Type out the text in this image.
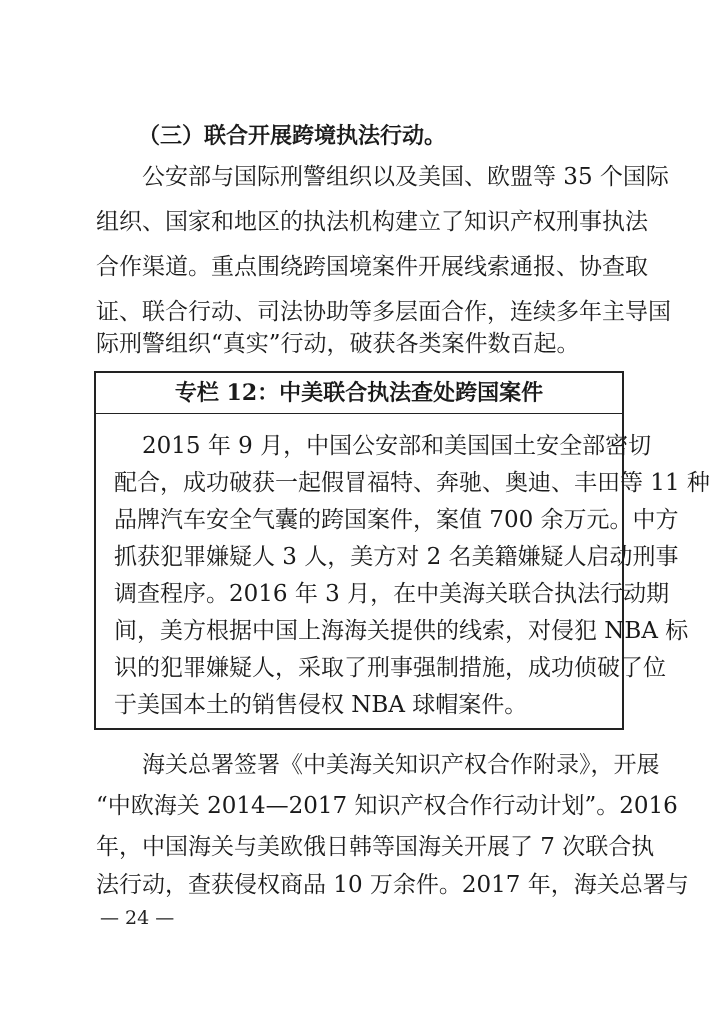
（三）联合开展跨境执法行动。
公安部与国际刑警组织以及美国、欧盟等 35 个国际
组织、国家和地区的执法机构建立了知识产权刑事执法
合作渠道。重点围绕跨国境案件开展线索通报、协查取
证、联合行动、司法协助等多层面合作，连续多年主导国
际刑警组织“真实”行动，破获各类案件数百起。
专栏 12：中美联合执法查处跨国案件
2015 年 9 月，中国公安部和美国国土安全部密切
配合，成功破获一起假冒福特、奔驰、奥迪、丰田等 11 种
品牌汽车安全气囊的跨国案件，案值 700 余万元。中方
抓获犯罪嫌疑人 3 人，美方对 2 名美籍嫌疑人启动刑事
调查程序。2016 年 3 月，在中美海关联合执法行动期
间，美方根据中国上海海关提供的线索，对侵犯 NBA 标
识的犯罪嫌疑人，采取了刑事强制措施，成功侦破了位
于美国本土的销售侵权 NBA 球帽案件。
海关总署签署《中美海关知识产权合作附录》，开展
“中欧海关 2014—2017 知识产权合作行动计划”。2016
年，中国海关与美欧俄日韩等国海关开展了 7 次联合执
法行动，查获侵权商品 10 万余件。2017 年，海关总署与
— 24 —
